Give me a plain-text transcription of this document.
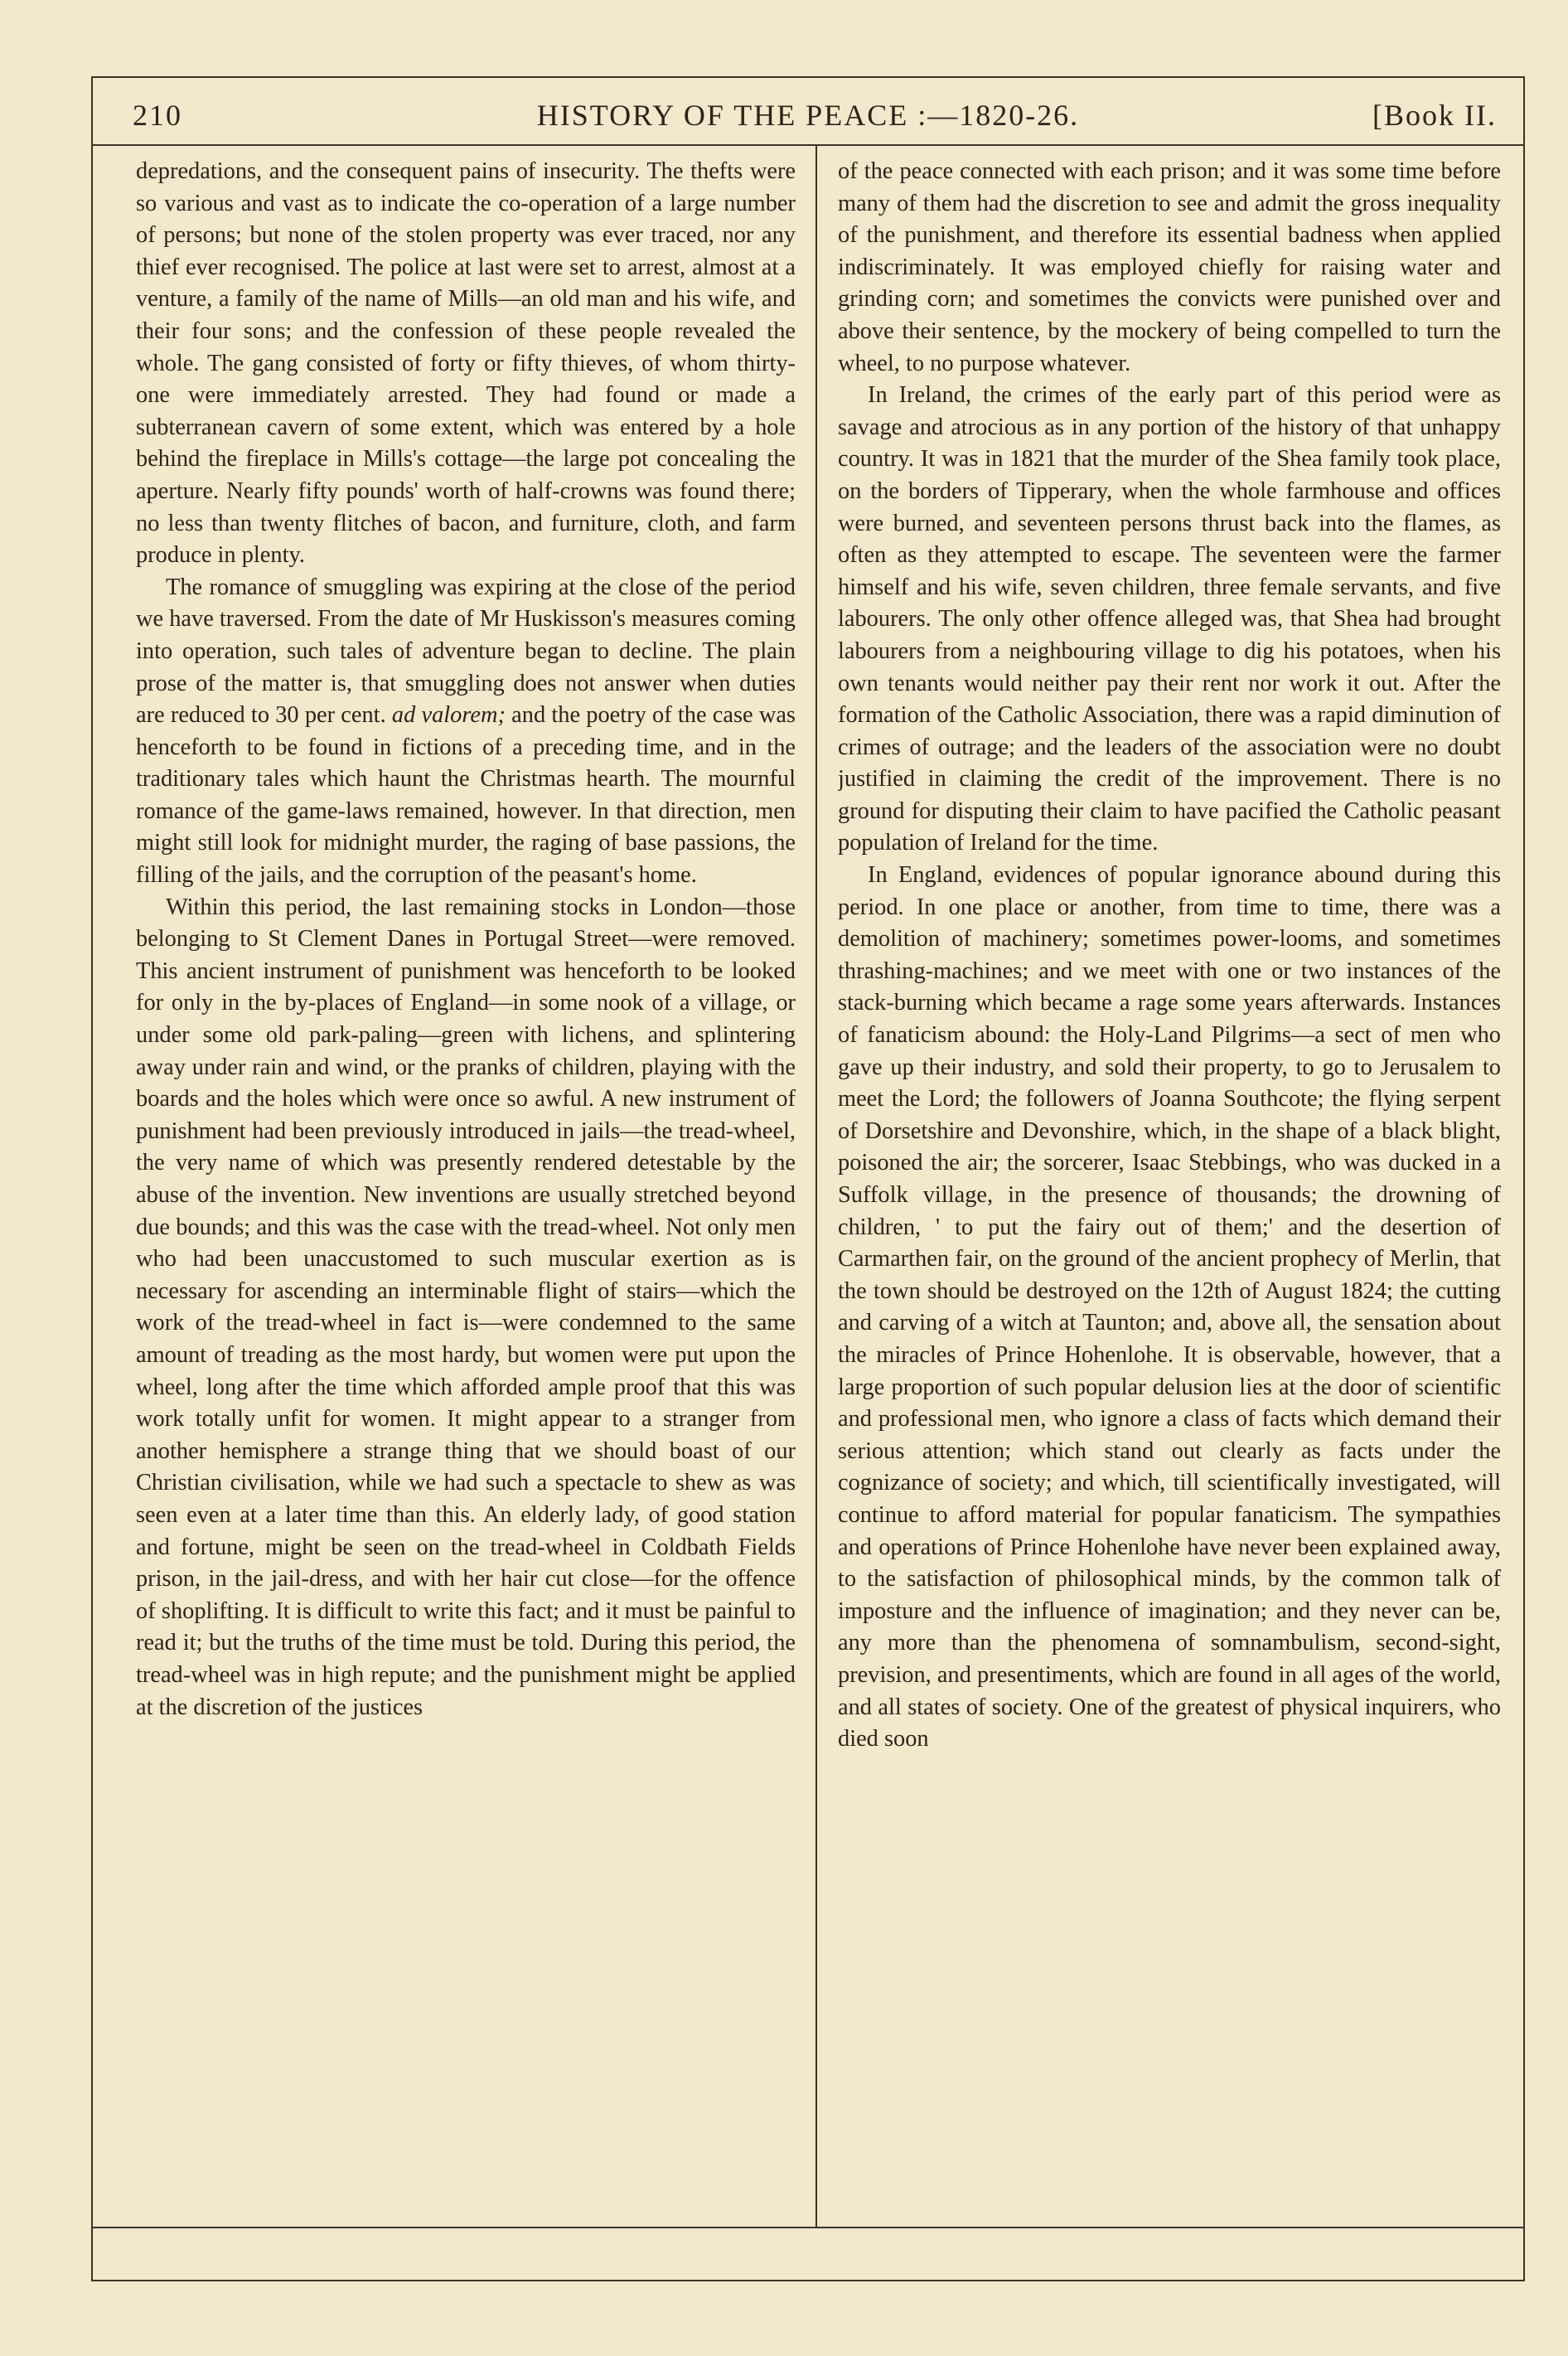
210	HISTORY OF THE PEACE :—1820-26.	[Book II.

depredations, and the consequent pains of insecurity. The thefts were so various and vast as to indicate the co-operation of a large number of persons; but none of the stolen property was ever traced, nor any thief ever recognised. The police at last were set to arrest, almost at a venture, a family of the name of Mills—an old man and his wife, and their four sons; and the confession of these people revealed the whole. The gang consisted of forty or fifty thieves, of whom thirty-one were immediately arrested. They had found or made a subterranean cavern of some extent, which was entered by a hole behind the fireplace in Mills's cottage—the large pot concealing the aperture. Nearly fifty pounds' worth of half-crowns was found there; no less than twenty flitches of bacon, and furniture, cloth, and farm produce in plenty.

The romance of smuggling was expiring at the close of the period we have traversed. From the date of Mr Huskisson's measures coming into operation, such tales of adventure began to decline. The plain prose of the matter is, that smuggling does not answer when duties are reduced to 30 per cent. ad valorem; and the poetry of the case was henceforth to be found in fictions of a preceding time, and in the traditionary tales which haunt the Christmas hearth. The mournful romance of the game-laws remained, however. In that direction, men might still look for midnight murder, the raging of base passions, the filling of the jails, and the corruption of the peasant's home.

Within this period, the last remaining stocks in London—those belonging to St Clement Danes in Portugal Street—were removed. This ancient instrument of punishment was henceforth to be looked for only in the by-places of England—in some nook of a village, or under some old park-paling—green with lichens, and splintering away under rain and wind, or the pranks of children, playing with the boards and the holes which were once so awful. A new instrument of punishment had been previously introduced in jails—the tread-wheel, the very name of which was presently rendered detestable by the abuse of the invention. New inventions are usually stretched beyond due bounds; and this was the case with the tread-wheel. Not only men who had been unaccustomed to such muscular exertion as is necessary for ascending an interminable flight of stairs—which the work of the tread-wheel in fact is—were condemned to the same amount of treading as the most hardy, but women were put upon the wheel, long after the time which afforded ample proof that this was work totally unfit for women. It might appear to a stranger from another hemisphere a strange thing that we should boast of our Christian civilisation, while we had such a spectacle to shew as was seen even at a later time than this. An elderly lady, of good station and fortune, might be seen on the tread-wheel in Coldbath Fields prison, in the jail-dress, and with her hair cut close—for the offence of shoplifting. It is difficult to write this fact; and it must be painful to read it; but the truths of the time must be told. During this period, the tread-wheel was in high repute; and the punishment might be applied at the discretion of the justices

of the peace connected with each prison; and it was some time before many of them had the discretion to see and admit the gross inequality of the punishment, and therefore its essential badness when applied indiscriminately. It was employed chiefly for raising water and grinding corn; and sometimes the convicts were punished over and above their sentence, by the mockery of being compelled to turn the wheel, to no purpose whatever.

In Ireland, the crimes of the early part of this period were as savage and atrocious as in any portion of the history of that unhappy country. It was in 1821 that the murder of the Shea family took place, on the borders of Tipperary, when the whole farmhouse and offices were burned, and seventeen persons thrust back into the flames, as often as they attempted to escape. The seventeen were the farmer himself and his wife, seven children, three female servants, and five labourers. The only other offence alleged was, that Shea had brought labourers from a neighbouring village to dig his potatoes, when his own tenants would neither pay their rent nor work it out. After the formation of the Catholic Association, there was a rapid diminution of crimes of outrage; and the leaders of the association were no doubt justified in claiming the credit of the improvement. There is no ground for disputing their claim to have pacified the Catholic peasant population of Ireland for the time.

In England, evidences of popular ignorance abound during this period. In one place or another, from time to time, there was a demolition of machinery; sometimes power-looms, and sometimes thrashing-machines; and we meet with one or two instances of the stack-burning which became a rage some years afterwards. Instances of fanaticism abound: the Holy-Land Pilgrims—a sect of men who gave up their industry, and sold their property, to go to Jerusalem to meet the Lord; the followers of Joanna Southcote; the flying serpent of Dorsetshire and Devonshire, which, in the shape of a black blight, poisoned the air; the sorcerer, Isaac Stebbings, who was ducked in a Suffolk village, in the presence of thousands; the drowning of children, ' to put the fairy out of them;' and the desertion of Carmarthen fair, on the ground of the ancient prophecy of Merlin, that the town should be destroyed on the 12th of August 1824; the cutting and carving of a witch at Taunton; and, above all, the sensation about the miracles of Prince Hohenlohe. It is observable, however, that a large proportion of such popular delusion lies at the door of scientific and professional men, who ignore a class of facts which demand their serious attention; which stand out clearly as facts under the cognizance of society; and which, till scientifically investigated, will continue to afford material for popular fanaticism. The sympathies and operations of Prince Hohenlohe have never been explained away, to the satisfaction of philosophical minds, by the common talk of imposture and the influence of imagination; and they never can be, any more than the phenomena of somnambulism, second-sight, prevision, and presentiments, which are found in all ages of the world, and all states of society. One of the greatest of physical inquirers, who died soon
